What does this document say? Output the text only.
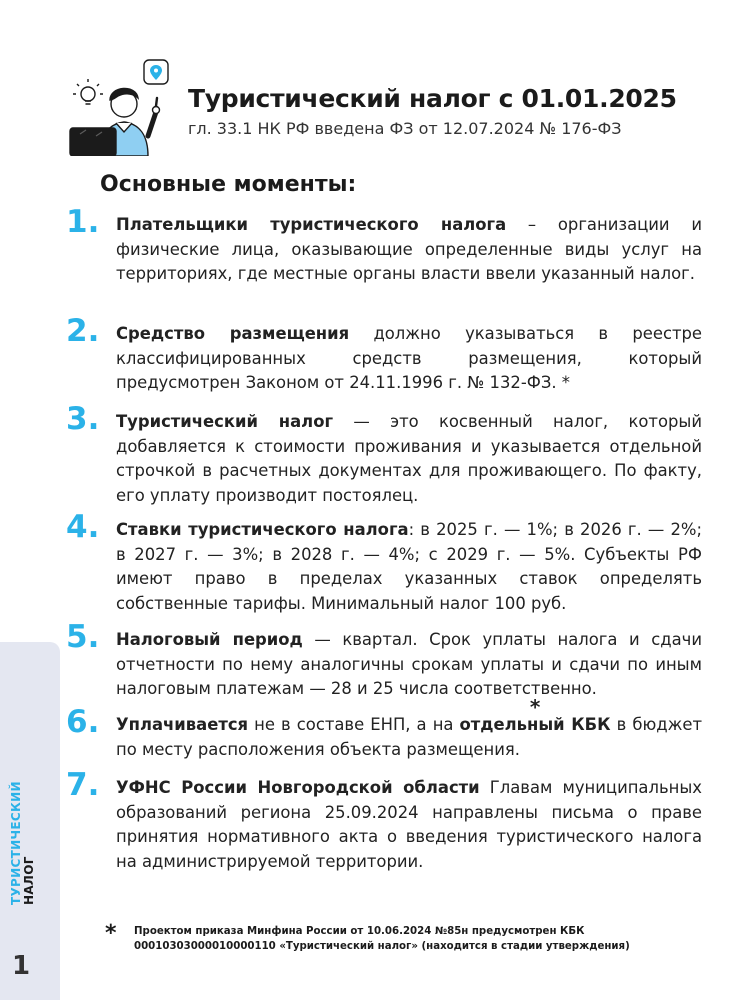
Туристический налог с 01.01.2025

гл. 33.1 НК РФ введена ФЗ от 12.07.2024 № 176-ФЗ

Основные моменты:
1.	Плательщики туристического налога – организации и физические лица, оказывающие определенные виды услуг на территориях, где местные органы власти ввели указанный налог.
2.	Средство размещения должно указываться в реестре классифицированных средств размещения, который предусмотрен Законом от 24.11.1996 г. № 132-ФЗ. *
3.	Туристический налог — это косвенный налог, который добавляется к стоимости проживания и указывается отдельной строчкой в расчетных документах для проживающего. По факту, его уплату производит постоялец.
4.	Ставки туристического налога: в 2025 г. — 1%; в 2026 г. — 2%; в 2027 г. — 3%; в 2028 г. — 4%; с 2029 г. — 5%. Субъекты РФ имеют право в пределах указанных ставок определять собственные тарифы. Минимальный налог 100 руб.
5.	Налоговый период — квартал. Срок уплаты налога и сдачи отчетности по нему аналогичны срокам уплаты и сдачи по иным налоговым платежам — 28 и 25 числа соответственно.
6.	Уплачивается не в составе ЕНП, а на отдельный КБК
*
в бюджет по месту расположения объекта размещения.
7.	УФНС России Новгородской области Главам муниципальных образований региона 25.09.2024 направлены письма о праве принятия нормативного акта о введения туристического налога на администрируемой территории.
* Проектом приказа Минфина России от 10.06.2024 №85н предусмотрен КБК 00010303000010000110 «Туристический налог» (находится в стадии утверждения)
ТУРИСТИЧЕСКИЙ НАЛОГ
1
